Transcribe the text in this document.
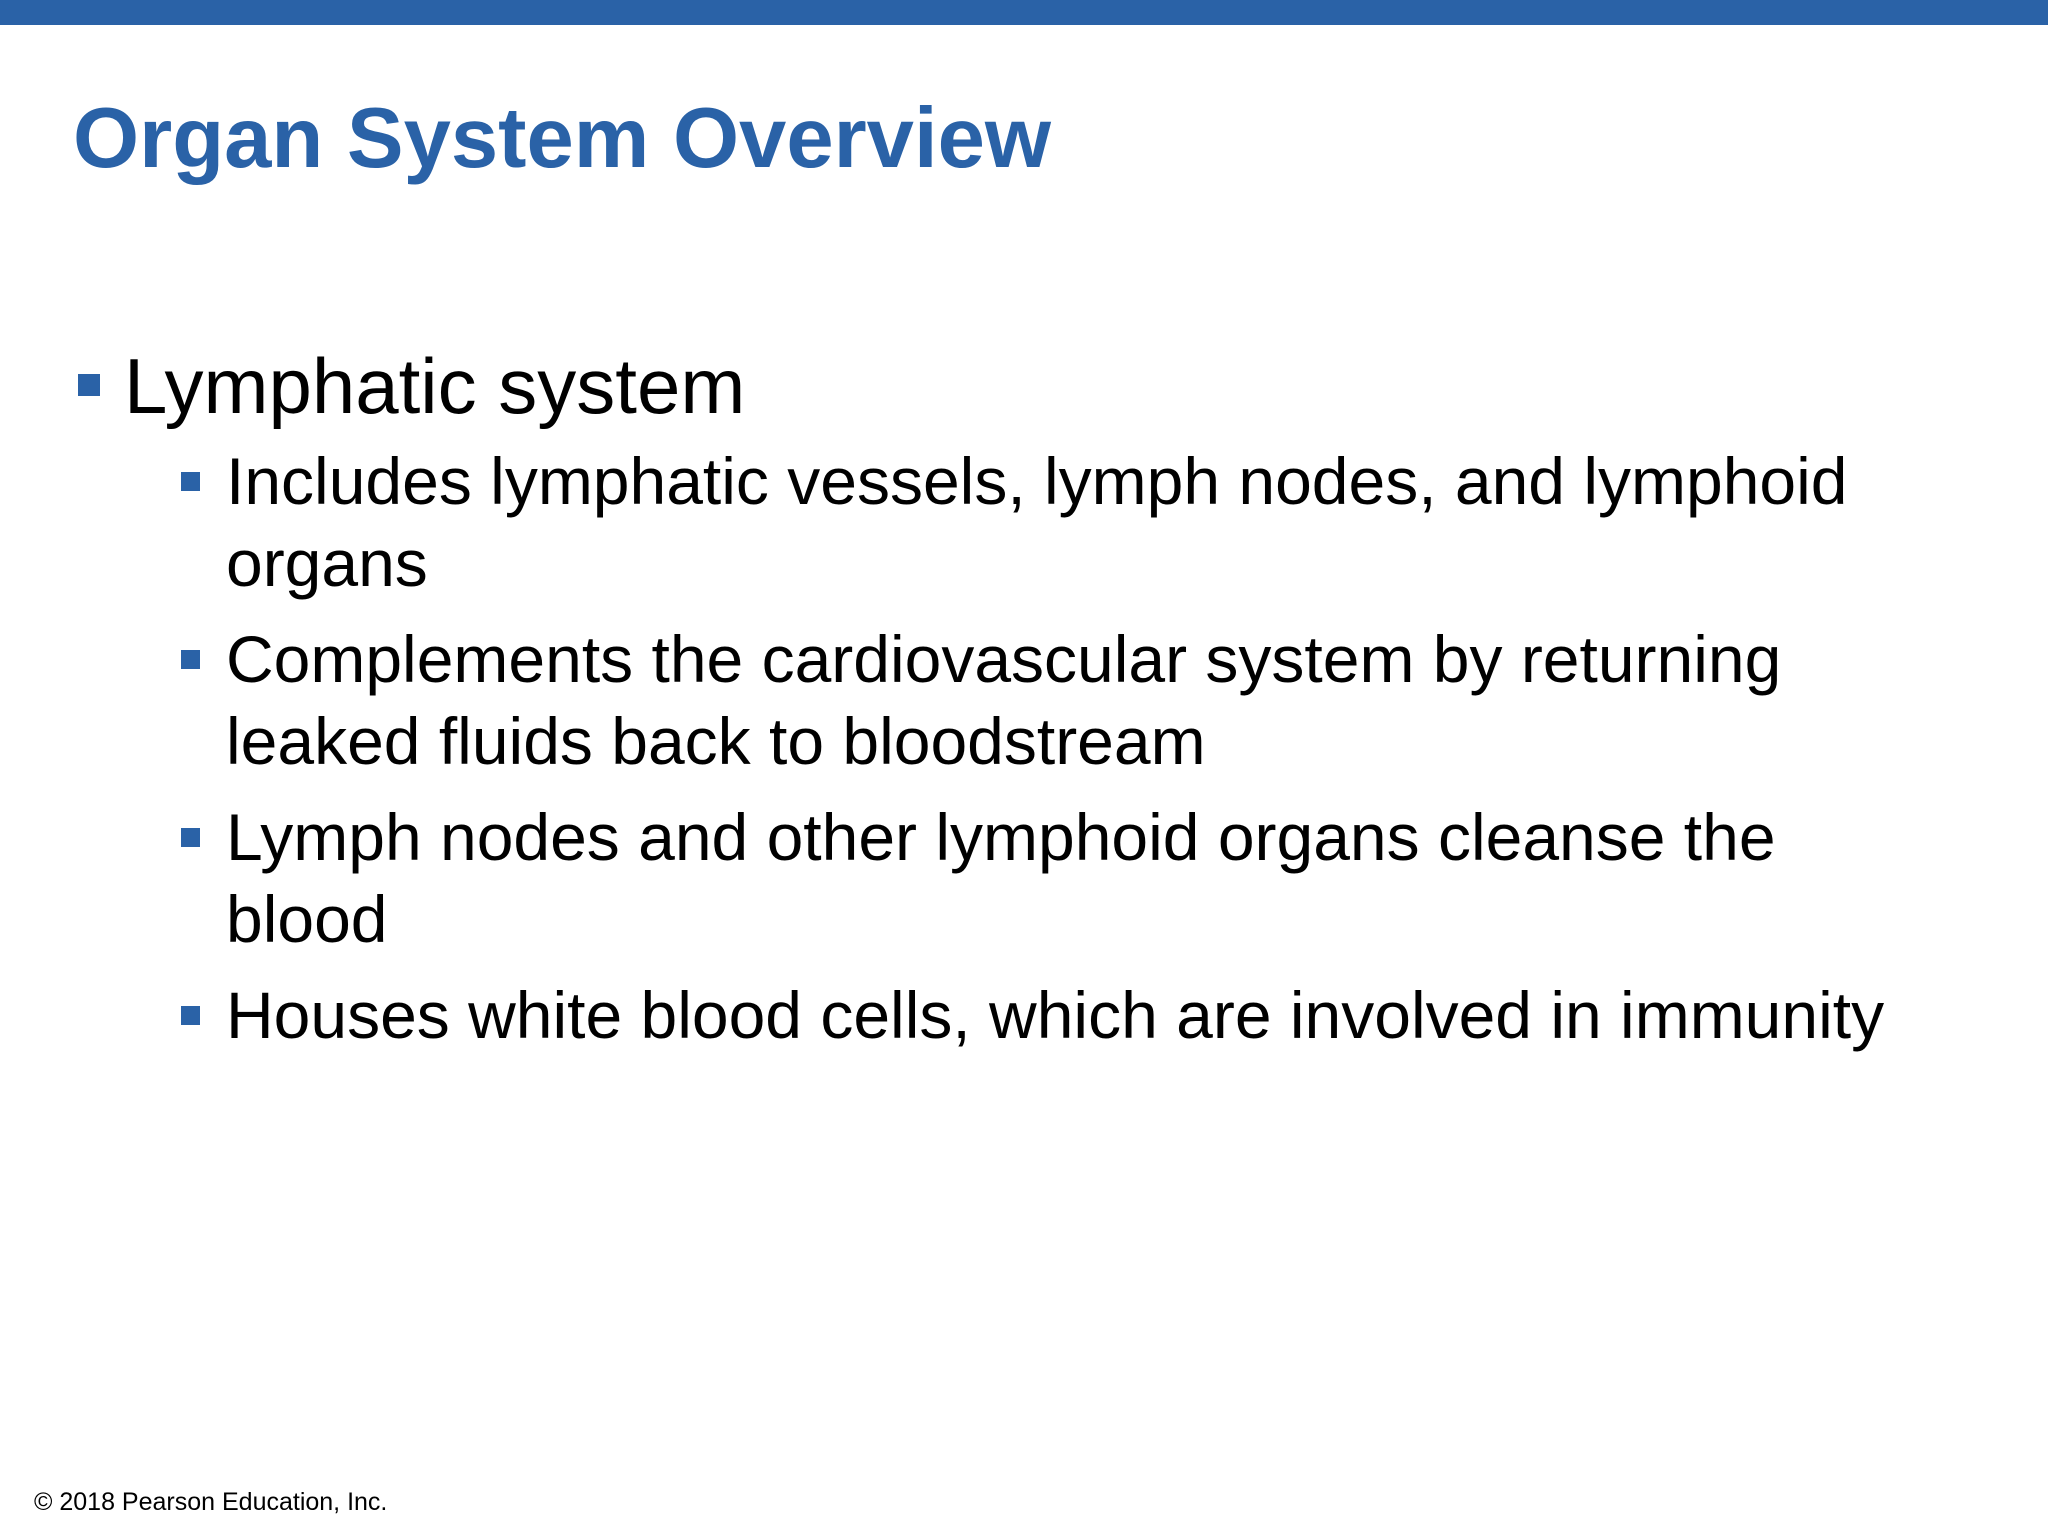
Organ System Overview
Lymphatic system
Includes lymphatic vessels, lymph nodes, and lymphoid organs
Complements the cardiovascular system by returning leaked fluids back to bloodstream
Lymph nodes and other lymphoid organs cleanse the blood
Houses white blood cells, which are involved in immunity
© 2018 Pearson Education, Inc.
